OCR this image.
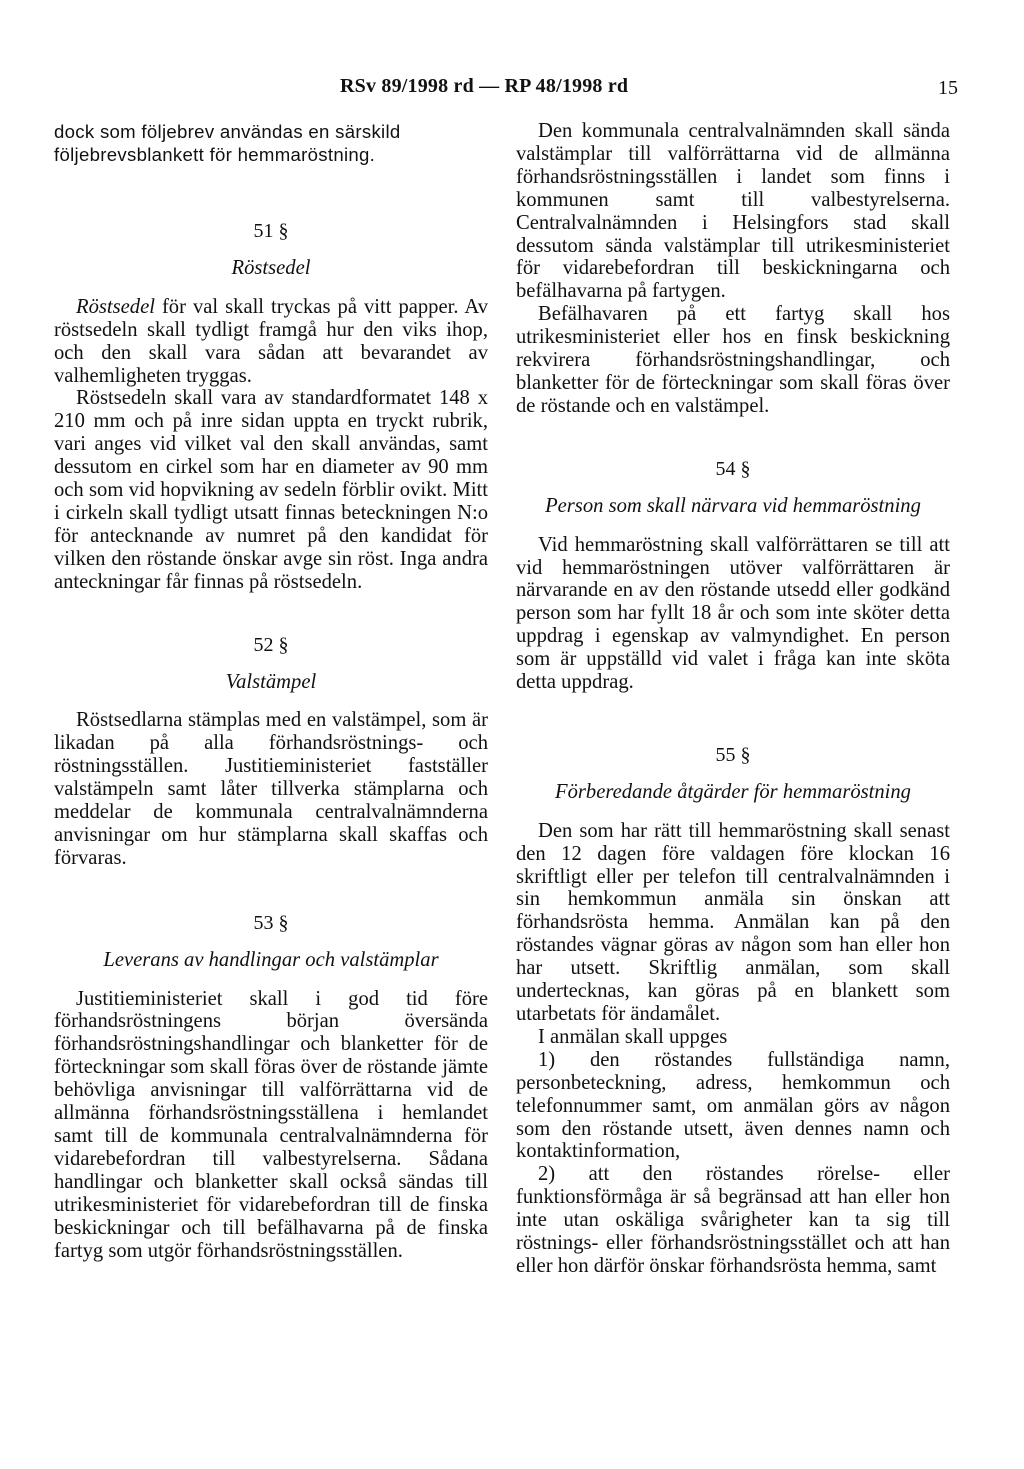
RSv 89/1998 rd — RP 48/1998 rd	15

dock som följebrev användas en särskild följebrevsblankett för hemmaröstning.

51 §

Röstsedel

Röstsedel för val skall tryckas på vitt papper. Av röstsedeln skall tydligt framgå hur den viks ihop, och den skall vara sådan att bevarandet av valhemligheten tryggas.

Röstsedeln skall vara av standardformatet 148 x 210 mm och på inre sidan uppta en tryckt rubrik, vari anges vid vilket val den skall användas, samt dessutom en cirkel som har en diameter av 90 mm och som vid hopvikning av sedeln förblir ovikt. Mitt i cirkeln skall tydligt utsatt finnas beteckningen N:o för antecknande av numret på den kandidat för vilken den röstande önskar avge sin röst. Inga andra anteckningar får finnas på röstsedeln.

52 §

Valstämpel

Röstsedlarna stämplas med en valstämpel, som är likadan på alla förhandsröstnings- och röstningsställen. Justitieministeriet fastställer valstämpeln samt låter tillverka stämplarna och meddelar de kommunala centralvalnämnderna anvisningar om hur stämplarna skall skaffas och förvaras.

53 §

Leverans av handlingar och valstämplar

Justitieministeriet skall i god tid före förhandsröstningens början översända förhandsröstningshandlingar och blanketter för de förteckningar som skall föras över de röstande jämte behövliga anvisningar till valförrättarna vid de allmänna förhandsröstningsställena i hemlandet samt till de kommunala centralvalnämnderna för vidarebefordran till valbestyrelserna. Sådana handlingar och blanketter skall också sändas till utrikesministeriet för vidarebefordran till de finska beskickningar och till befälhavarna på de finska fartyg som utgör förhandsröstningsställen.

Den kommunala centralvalnämnden skall sända valstämplar till valförrättarna vid de allmänna förhandsröstningsställen i landet som finns i kommunen samt till valbestyrelserna. Centralvalnämnden i Helsingfors stad skall dessutom sända valstämplar till utrikesministeriet för vidarebefordran till beskickningarna och befälhavarna på fartygen.

Befälhavaren på ett fartyg skall hos utrikesministeriet eller hos en finsk beskickning rekvirera förhandsröstningshandlingar, och blanketter för de förteckningar som skall föras över de röstande och en valstämpel.

54 §

Person som skall närvara vid hemmaröstning

Vid hemmaröstning skall valförrättaren se till att vid hemmaröstningen utöver valförrättaren är närvarande en av den röstande utsedd eller godkänd person som har fyllt 18 år och som inte sköter detta uppdrag i egenskap av valmyndighet. En person som är uppställd vid valet i fråga kan inte sköta detta uppdrag.

55 §

Förberedande åtgärder för hemmaröstning

Den som har rätt till hemmaröstning skall senast den 12 dagen före valdagen före klockan 16 skriftligt eller per telefon till centralvalnämnden i sin hemkommun anmäla sin önskan att förhandsrösta hemma. Anmälan kan på den röstandes vägnar göras av någon som han eller hon har utsett. Skriftlig anmälan, som skall undertecknas, kan göras på en blankett som utarbetats för ändamålet.

I anmälan skall uppges

1) den röstandes fullständiga namn, personbeteckning, adress, hemkommun och telefonnummer samt, om anmälan görs av någon som den röstande utsett, även dennes namn och kontaktinformation,

2) att den röstandes rörelse- eller funktionsförmåga är så begränsad att han eller hon inte utan oskäliga svårigheter kan ta sig till röstnings- eller förhandsröstningsstället och att han eller hon därför önskar förhandsrösta hemma, samt
